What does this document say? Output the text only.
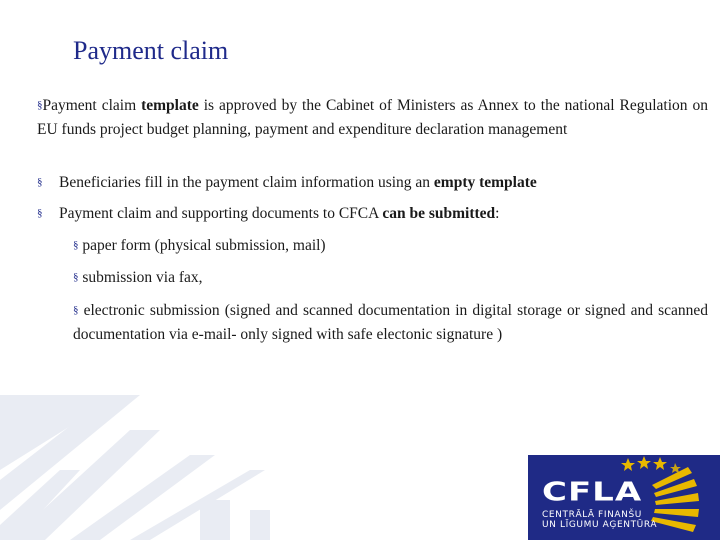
Payment claim
§Payment claim template is approved by the Cabinet of Ministers as Annex to the national Regulation on EU funds project budget planning, payment and expenditure declaration management
§ Beneficiaries fill in the payment claim information using an empty template
§ Payment claim and supporting documents to CFCA can be submitted:
§ paper form (physical submission, mail)
§ submission via fax,
§ electronic submission (signed and scanned documentation in digital storage or signed and scanned documentation via e-mail- only signed with safe electonic signature )
CFLA
CENTRĀLĀ FINANŠU
UN LĪGUMU AĢENTŪRA
